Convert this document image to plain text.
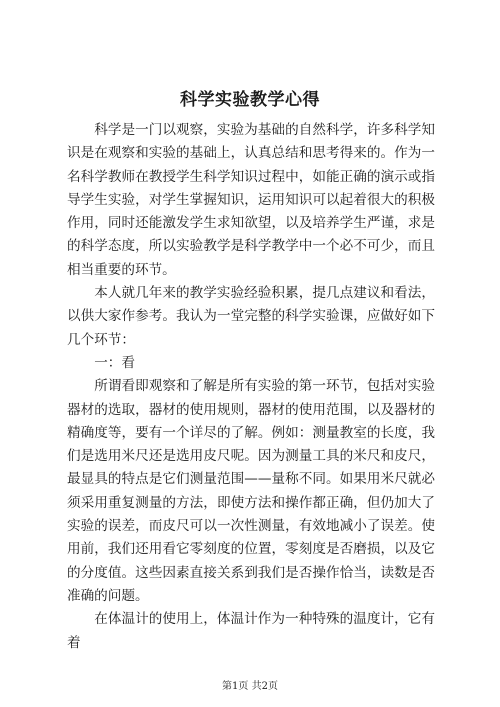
科学实验教学心得

科学是一门以观察，实验为基础的自然科学，许多科学知识是在观察和实验的基础上，认真总结和思考得来的。作为一名科学教师在教授学生科学知识过程中，如能正确的演示或指导学生实验，对学生掌握知识，运用知识可以起着很大的积极作用，同时还能激发学生求知欲望，以及培养学生严谨，求是的科学态度，所以实验教学是科学教学中一个必不可少，而且相当重要的环节。

本人就几年来的教学实验经验积累，提几点建议和看法，以供大家作参考。我认为一堂完整的科学实验课，应做好如下几个环节：

一：看

所谓看即观察和了解是所有实验的第一环节，包括对实验器材的选取，器材的使用规则，器材的使用范围，以及器材的精确度等，要有一个详尽的了解。例如：测量教室的长度，我们是选用米尺还是选用皮尺呢。因为测量工具的米尺和皮尺，最显具的特点是它们测量范围——量称不同。如果用米尺就必须采用重复测量的方法，即使方法和操作都正确，但仍加大了实验的误差，而皮尺可以一次性测量，有效地减小了误差。使用前，我们还用看它零刻度的位置，零刻度是否磨损，以及它的分度值。这些因素直接关系到我们是否操作恰当，读数是否准确的问题。

在体温计的使用上，体温计作为一种特殊的温度计，它有着

第1页 共2页
